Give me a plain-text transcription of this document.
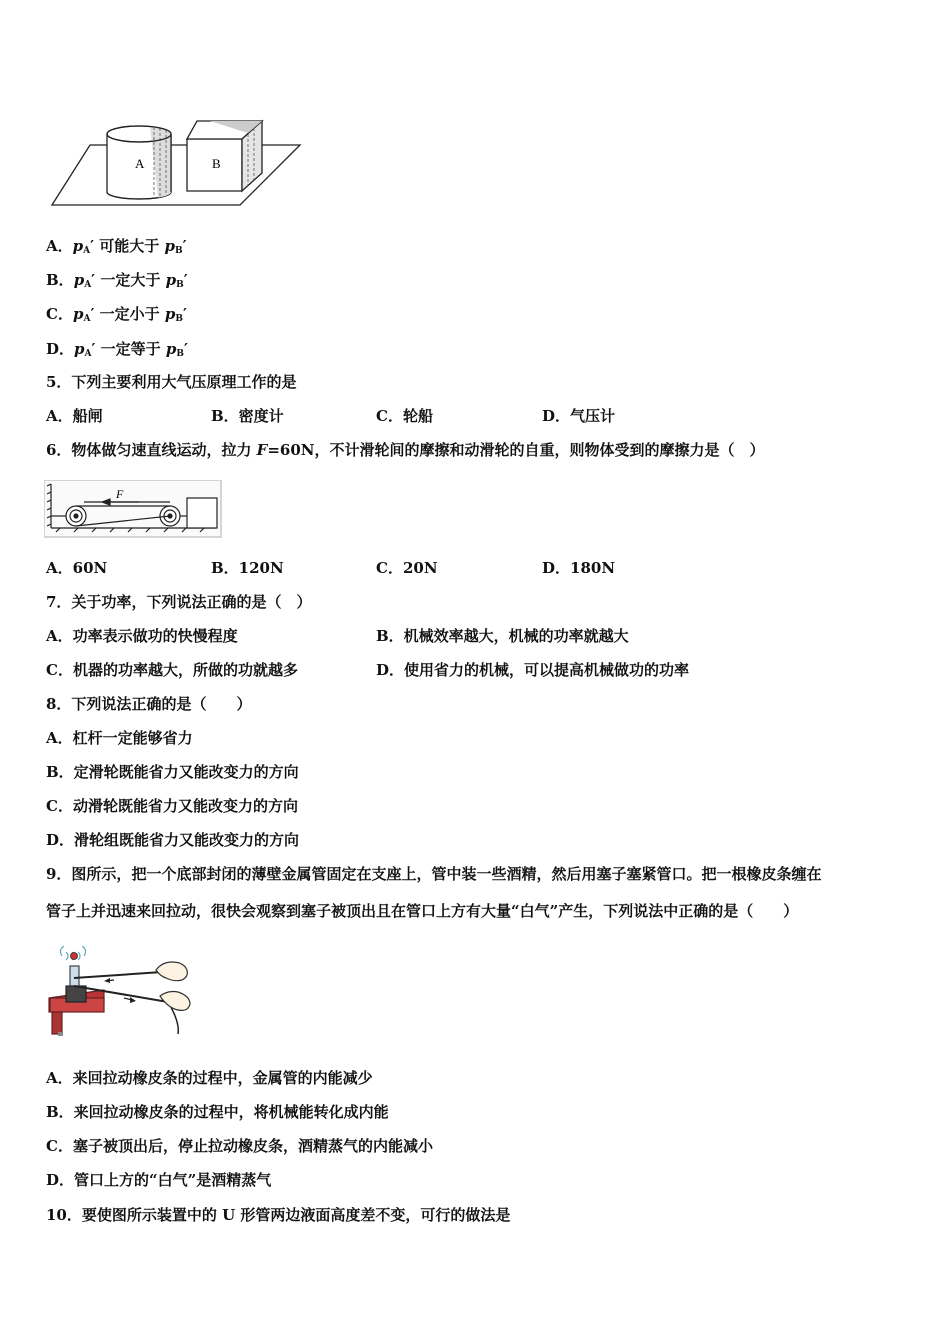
A	B
A．$p_A'$ 可能大于 $p_B'$
B．$p_A'$ 一定大于 $p_B'$
C．$p_A'$ 一定小于 $p_B'$
D．$p_A'$ 一定等于 $p_B'$
5．下列主要利用大气压原理工作的是
A．船闸	B．密度计	C．轮船	D．气压计
6．物体做匀速直线运动，拉力 F=60N，不计滑轮间的摩擦和动滑轮的自重，则物体受到的摩擦力是（　）
F
A．60N	B．120N	C．20N	D．180N
7．关于功率，下列说法正确的是（　）
A．功率表示做功的快慢程度	B．机械效率越大，机械的功率就越大
C．机器的功率越大，所做的功就越多	D．使用省力的机械，可以提高机械做功的功率
8．下列说法正确的是（　　）
A．杠杆一定能够省力
B．定滑轮既能省力又能改变力的方向
C．动滑轮既能省力又能改变力的方向
D．滑轮组既能省力又能改变力的方向
9．图所示，把一个底部封闭的薄壁金属管固定在支座上，管中装一些酒精，然后用塞子塞紧管口。把一根橡皮条缠在
管子上并迅速来回拉动，很快会观察到塞子被顶出且在管口上方有大量“白气”产生，下列说法中正确的是（　　）
A．来回拉动橡皮条的过程中，金属管的内能减少
B．来回拉动橡皮条的过程中，将机械能转化成内能
C．塞子被顶出后，停止拉动橡皮条，酒精蒸气的内能减小
D．管口上方的“白气”是酒精蒸气
10．要使图所示装置中的 U 形管两边液面高度差不变，可行的做法是
